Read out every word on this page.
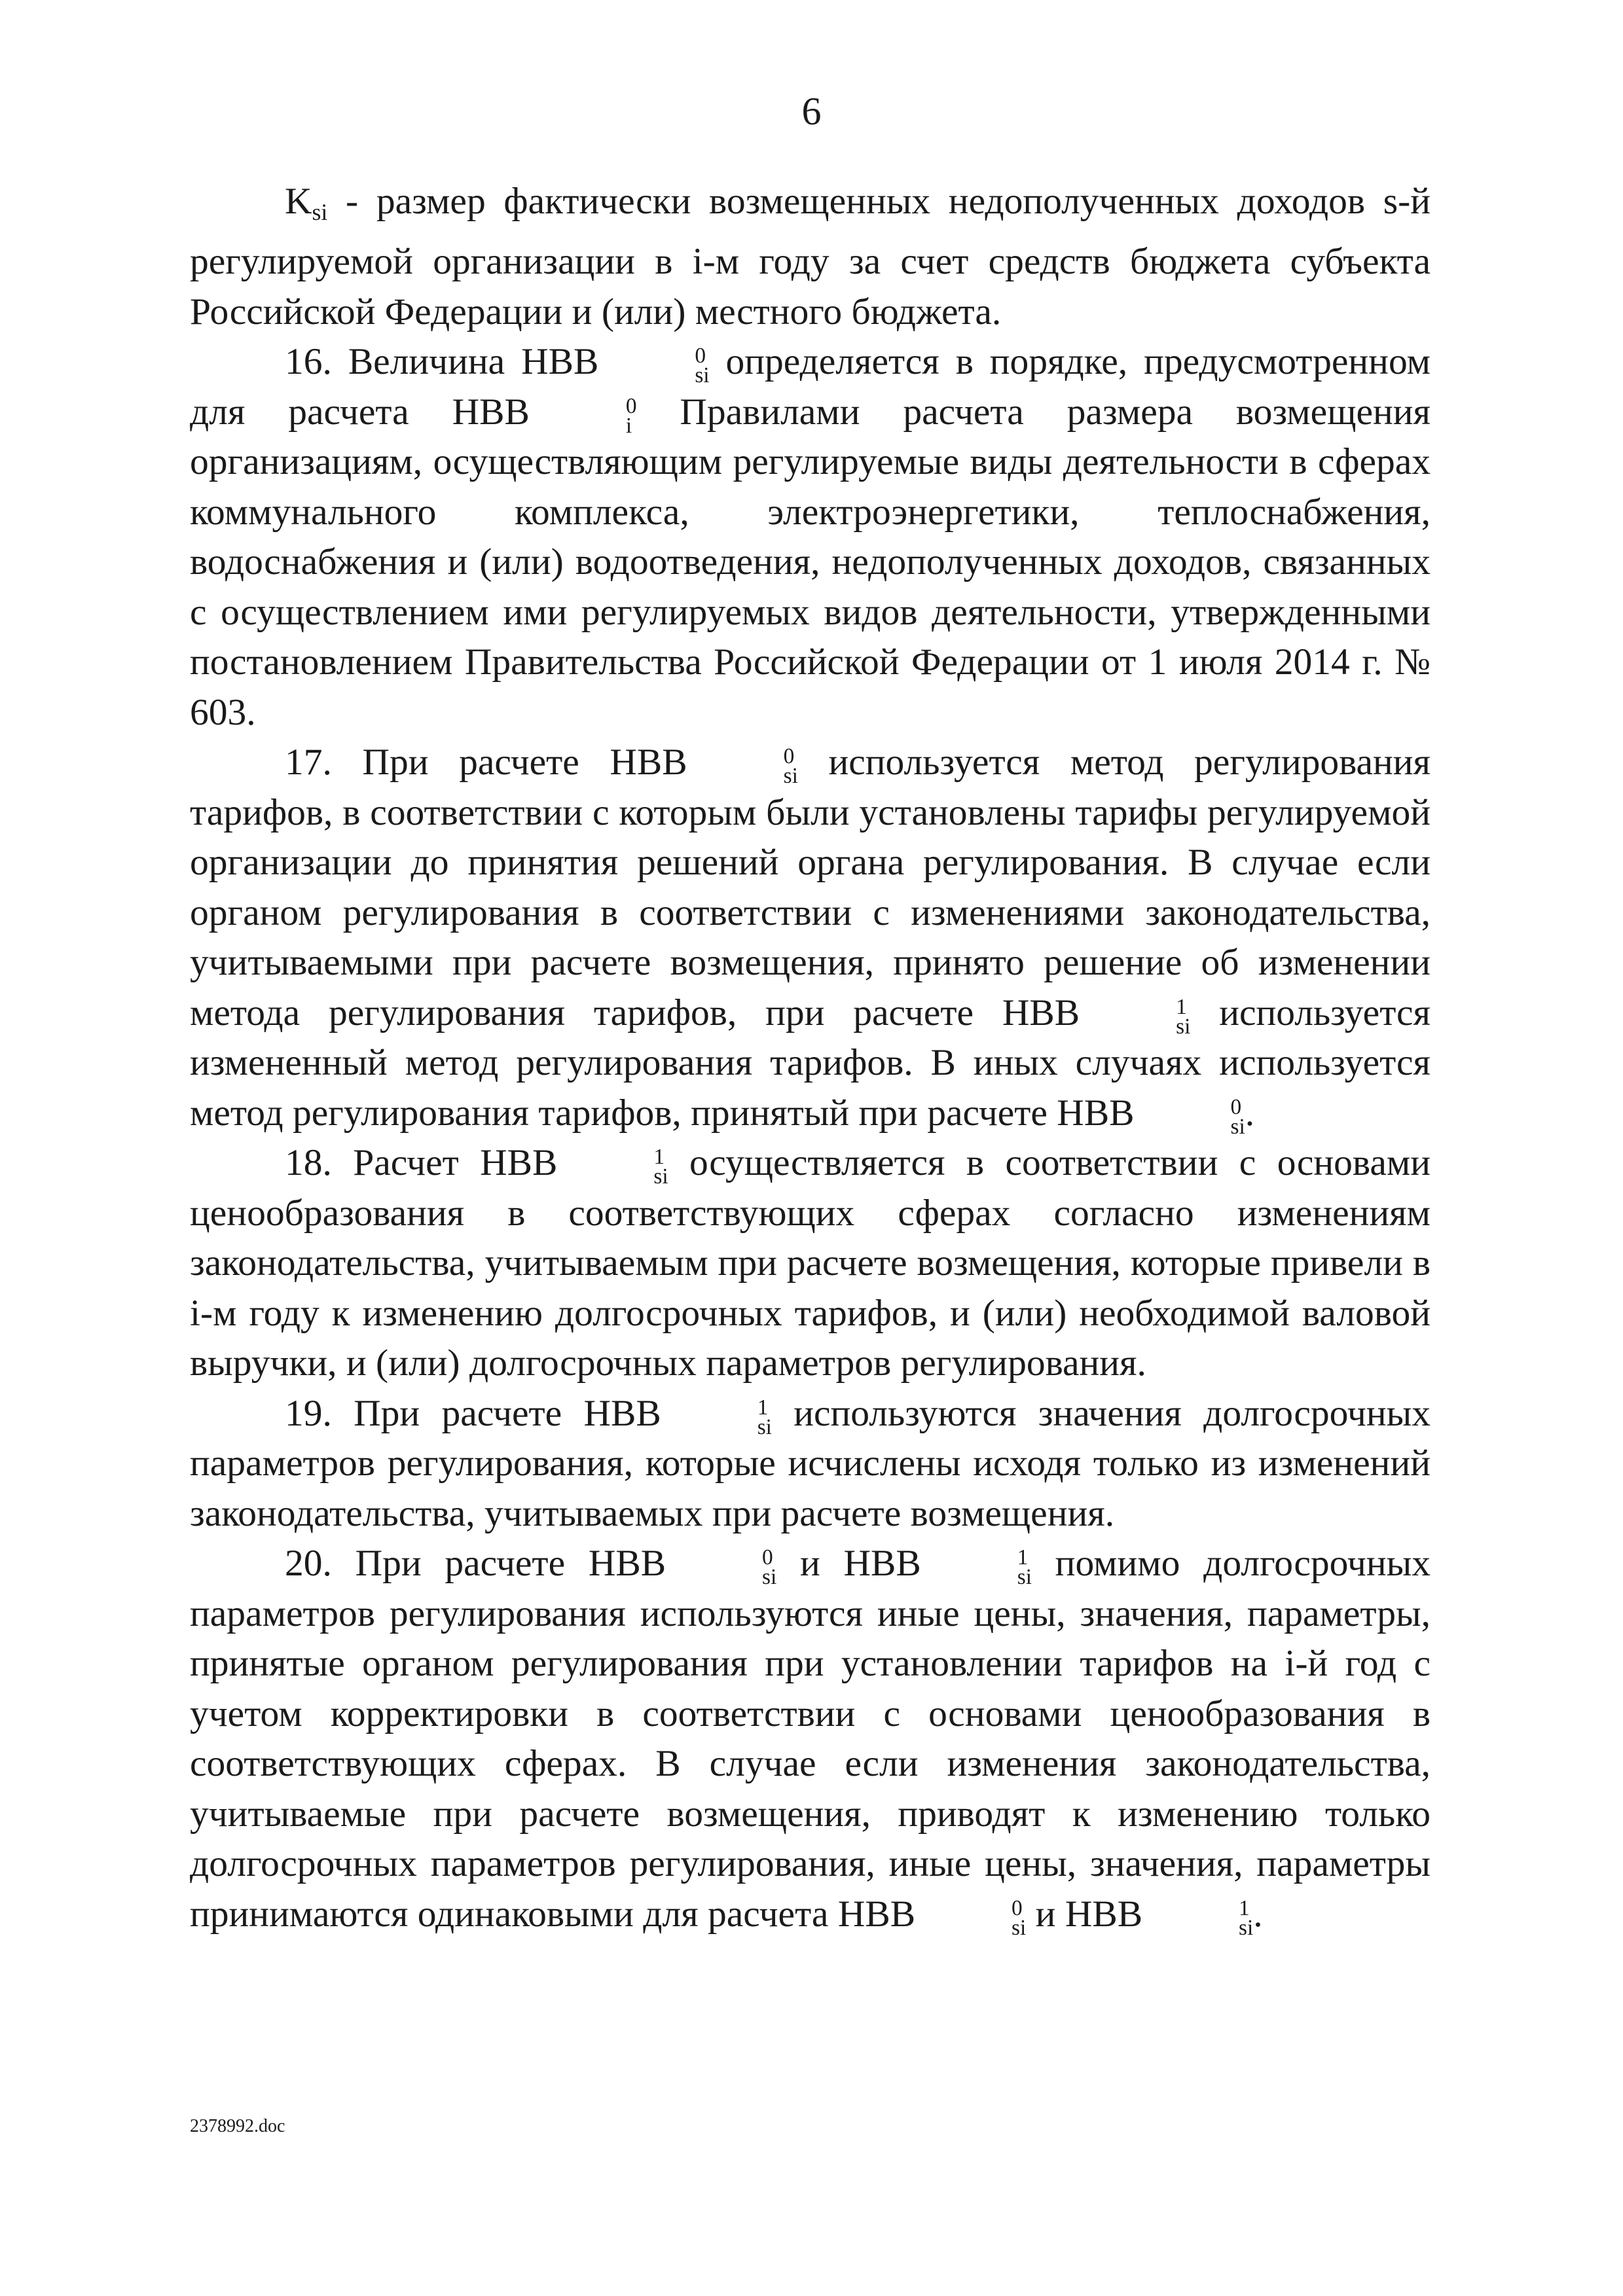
6

$K_{si}$ - размер фактически возмещенных недополученных доходов s-й регулируемой организации в i-м году за счет средств бюджета субъекта Российской Федерации и (или) местного бюджета.

16. Величина НВВ	0
si определяется в порядке, предусмотренном для расчета НВВ	0
i Правилами расчета размера возмещения организациям, осуществляющим регулируемые виды деятельности в сферах коммунального комплекса, электроэнергетики, теплоснабжения, водоснабжения и (или) водоотведения, недополученных доходов, связанных с осуществлением ими регулируемых видов деятельности, утвержденными постановлением Правительства Российской Федерации от 1 июля 2014 г. № 603.

17. При расчете НВВ	0
si используется метод регулирования тарифов, в соответствии с которым были установлены тарифы регулируемой организации до принятия решений органа регулирования. В случае если органом регулирования в соответствии с изменениями законодательства, учитываемыми при расчете возмещения, принято решение об изменении метода регулирования тарифов, при расчете НВВ	1
si используется измененный метод регулирования тарифов. В иных случаях используется метод регулирования тарифов, принятый при расчете НВВ	0
si .

18. Расчет НВВ	1
si осуществляется в соответствии с основами ценообразования в соответствующих сферах согласно изменениям законодательства, учитываемым при расчете возмещения, которые привели в i-м году к изменению долгосрочных тарифов, и (или) необходимой валовой выручки, и (или) долгосрочных параметров регулирования.

19. При расчете НВВ	1
si используются значения долгосрочных параметров регулирования, которые исчислены исходя только из изменений законодательства, учитываемых при расчете возмещения.

20. При расчете НВВ	0
si и НВВ	1
si помимо долгосрочных параметров регулирования используются иные цены, значения, параметры, принятые органом регулирования при установлении тарифов на i-й год с учетом корректировки в соответствии с основами ценообразования в соответствующих сферах. В случае если изменения законодательства, учитываемые при расчете возмещения, приводят к изменению только долгосрочных параметров регулирования, иные цены, значения, параметры принимаются одинаковыми для расчета НВВ	0
si и НВВ	1
si .

2378992.doc
